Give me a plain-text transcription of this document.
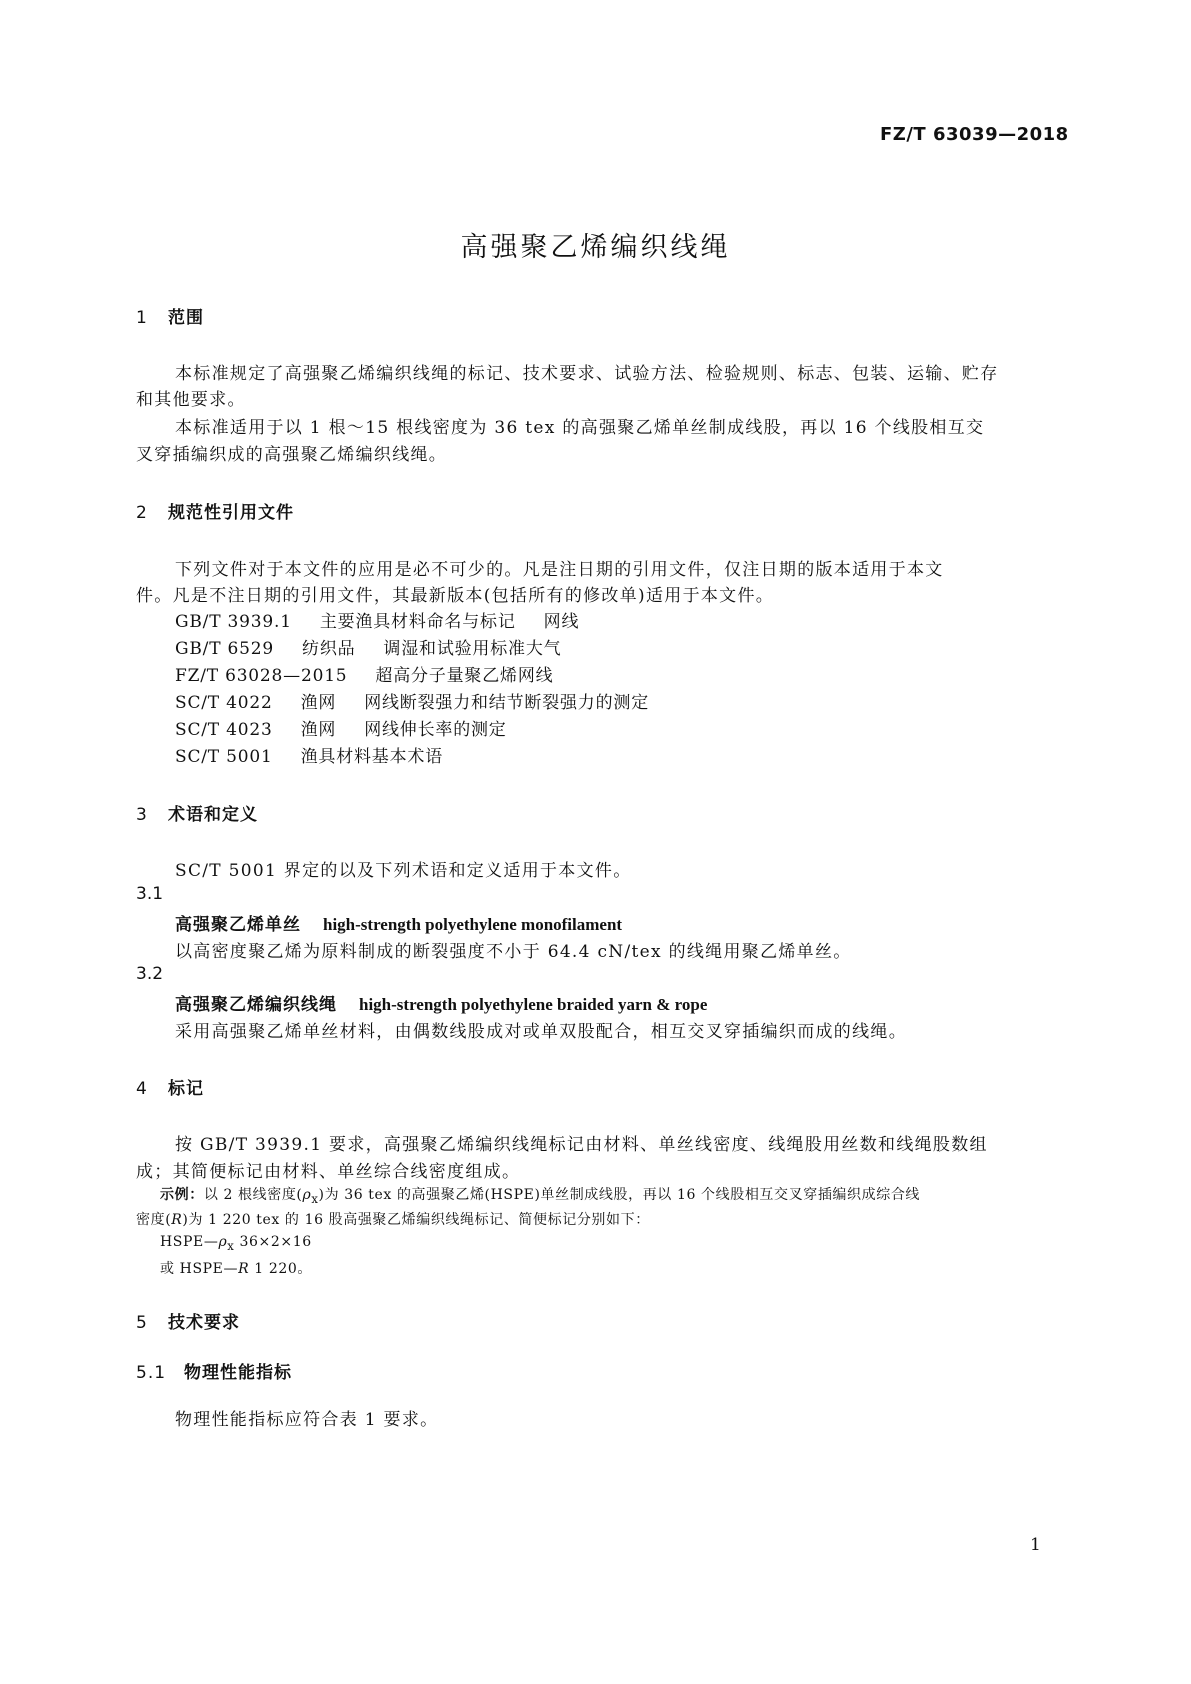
FZ/T 63039—2018
高强聚乙烯编织线绳
1 范围
本标准规定了高强聚乙烯编织线绳的标记、技术要求、试验方法、检验规则、标志、包装、运输、贮存
和其他要求。
本标准适用于以 1 根～15 根线密度为 36 tex 的高强聚乙烯单丝制成线股，再以 16 个线股相互交
叉穿插编织成的高强聚乙烯编织线绳。
2 规范性引用文件
下列文件对于本文件的应用是必不可少的。凡是注日期的引用文件，仅注日期的版本适用于本文
件。凡是不注日期的引用文件，其最新版本(包括所有的修改单)适用于本文件。
GB/T 3939.1 主要渔具材料命名与标记 网线
GB/T 6529 纺织品 调湿和试验用标准大气
FZ/T 63028—2015 超高分子量聚乙烯网线
SC/T 4022 渔网 网线断裂强力和结节断裂强力的测定
SC/T 4023 渔网 网线伸长率的测定
SC/T 5001 渔具材料基本术语
3 术语和定义
SC/T 5001 界定的以及下列术语和定义适用于本文件。
3.1
高强聚乙烯单丝 high-strength polyethylene monofilament
以高密度聚乙烯为原料制成的断裂强度不小于 64.4 cN/tex 的线绳用聚乙烯单丝。
3.2
高强聚乙烯编织线绳 high-strength polyethylene braided yarn & rope
采用高强聚乙烯单丝材料，由偶数线股成对或单双股配合，相互交叉穿插编织而成的线绳。
4 标记
按 GB/T 3939.1 要求，高强聚乙烯编织线绳标记由材料、单丝线密度、线绳股用丝数和线绳股数组
成；其简便标记由材料、单丝综合线密度组成。
示例：以 2 根线密度$(\rho_x)$为 36 tex 的高强聚乙烯(HSPE)单丝制成线股，再以 16 个线股相互交叉穿插编织成综合线
密度(R)为 1 220 tex 的 16 股高强聚乙烯编织线绳标记、简便标记分别如下：
$HSPE—\rho_x$ 36×2×16
或 HSPE—R 1 220。
5 技术要求
5.1 物理性能指标
物理性能指标应符合表 1 要求。
1
